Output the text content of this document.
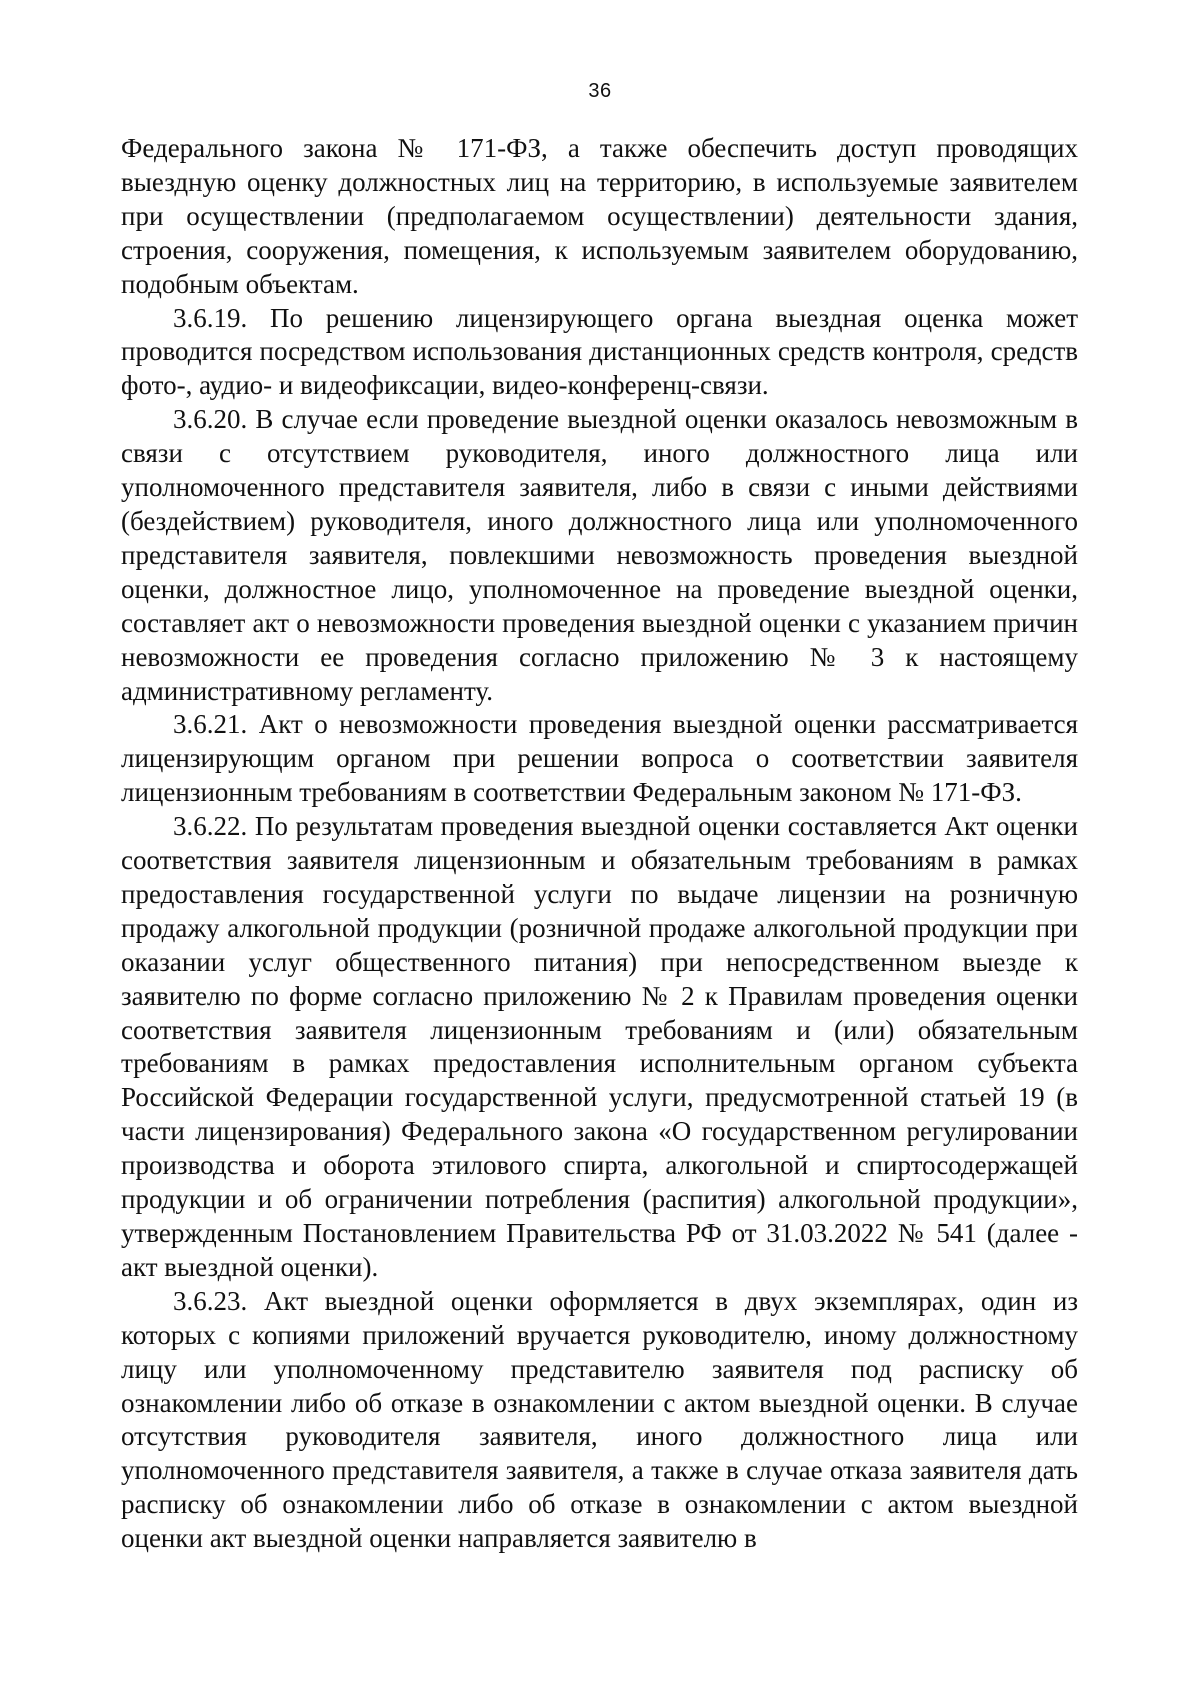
36

Федерального закона № 171-ФЗ, а также обеспечить доступ проводящих выездную оценку должностных лиц на территорию, в используемые заявителем при осуществлении (предполагаемом осуществлении) деятельности здания, строения, сооружения, помещения, к используемым заявителем оборудованию, подобным объектам.

3.6.19. По решению лицензирующего органа выездная оценка может проводится посредством использования дистанционных средств контроля, средств фото-, аудио- и видеофиксации, видео-конференц-связи.

3.6.20. В случае если проведение выездной оценки оказалось невозможным в связи с отсутствием руководителя, иного должностного лица или уполномоченного представителя заявителя, либо в связи с иными действиями (бездействием) руководителя, иного должностного лица или уполномоченного представителя заявителя, повлекшими невозможность проведения выездной оценки, должностное лицо, уполномоченное на проведение выездной оценки, составляет акт о невозможности проведения выездной оценки с указанием причин невозможности ее проведения согласно приложению № 3 к настоящему административному регламенту.

3.6.21. Акт о невозможности проведения выездной оценки рассматривается лицензирующим органом при решении вопроса о соответствии заявителя лицензионным требованиям в соответствии Федеральным законом № 171-ФЗ.

3.6.22. По результатам проведения выездной оценки составляется Акт оценки соответствия заявителя лицензионным и обязательным требованиям в рамках предоставления государственной услуги по выдаче лицензии на розничную продажу алкогольной продукции (розничной продаже алкогольной продукции при оказании услуг общественного питания) при непосредственном выезде к заявителю по форме согласно приложению № 2 к Правилам проведения оценки соответствия заявителя лицензионным требованиям и (или) обязательным требованиям в рамках предоставления исполнительным органом субъекта Российской Федерации государственной услуги, предусмотренной статьей 19 (в части лицензирования) Федерального закона «О государственном регулировании производства и оборота этилового спирта, алкогольной и спиртосодержащей продукции и об ограничении потребления (распития) алкогольной продукции», утвержденным Постановлением Правительства РФ от 31.03.2022 № 541 (далее - акт выездной оценки).

3.6.23. Акт выездной оценки оформляется в двух экземплярах, один из которых с копиями приложений вручается руководителю, иному должностному лицу или уполномоченному представителю заявителя под расписку об ознакомлении либо об отказе в ознакомлении с актом выездной оценки. В случае отсутствия руководителя заявителя, иного должностного лица или уполномоченного представителя заявителя, а также в случае отказа заявителя дать расписку об ознакомлении либо об отказе в ознакомлении с актом выездной оценки акт выездной оценки направляется заявителю в
